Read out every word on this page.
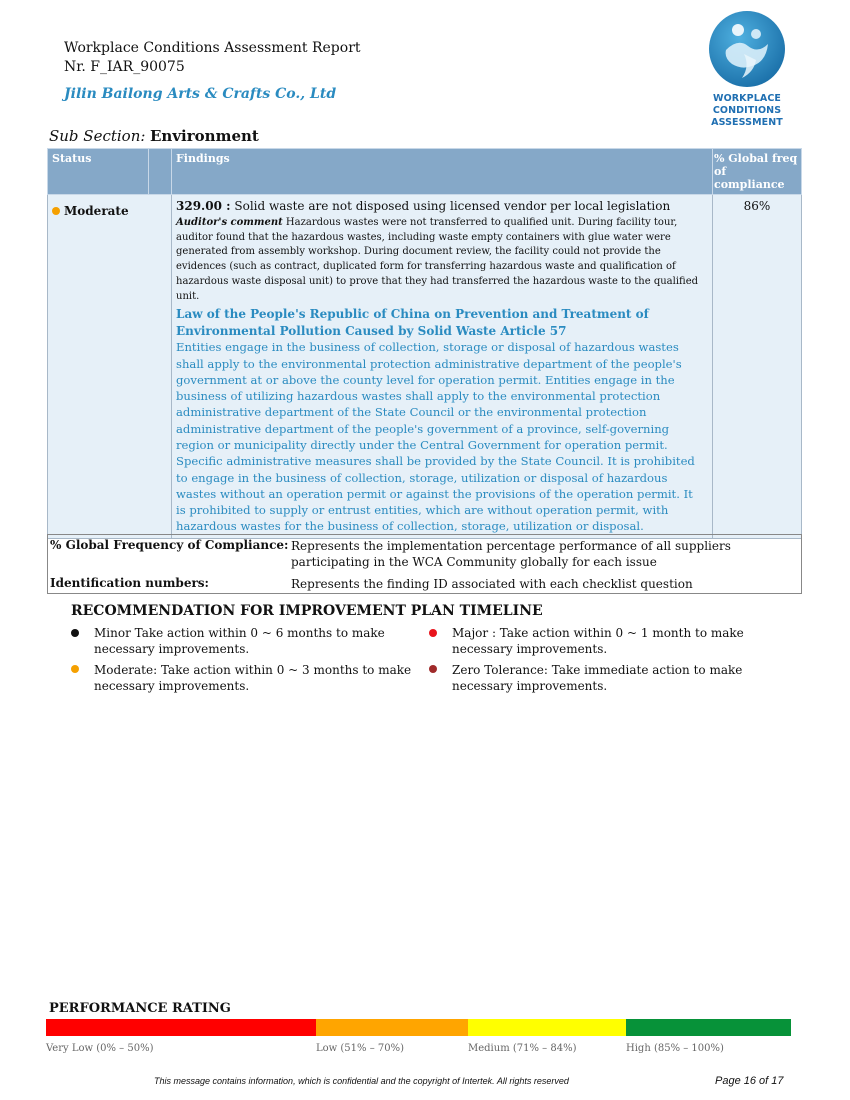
Workplace Conditions Assessment Report
Nr. F_IAR_90075
Jilin Bailong Arts & Crafts Co., Ltd	WORKPLACE
CONDITIONS
ASSESSMENT
Sub Section: Environment
Status		Findings	% Global freq of compliance
Moderate		329.00 : Solid waste are not disposed using licensed vendor per local legislation
Auditor's comment Hazardous wastes were not transferred to qualified unit. During facility tour, auditor found that the hazardous wastes, including waste empty containers with glue water were generated from assembly workshop. During document review, the facility could not provide the evidences (such as contract, duplicated form for transferring hazardous waste and qualification of hazardous waste disposal unit) to prove that they had transferred the hazardous waste to the qualified unit.
Law of the People's Republic of China on Prevention and Treatment of Environmental Pollution Caused by Solid Waste Article 57
Entities engage in the business of collection, storage or disposal of hazardous wastes shall apply to the environmental protection administrative department of the people's government at or above the county level for operation permit. Entities engage in the business of utilizing hazardous wastes shall apply to the environmental protection administrative department of the State Council or the environmental protection administrative department of the people's government of a province, self-governing region or municipality directly under the Central Government for operation permit. Specific administrative measures shall be provided by the State Council. It is prohibited to engage in the business of collection, storage, utilization or disposal of hazardous wastes without an operation permit or against the provisions of the operation permit. It is prohibited to supply or entrust entities, which are without operation permit, with hazardous wastes for the business of collection, storage, utilization or disposal.	86%
% Global Frequency of Compliance: Represents the implementation percentage performance of all suppliers participating in the WCA Community globally for each issue
Identification numbers:	Represents the finding ID associated with each checklist question
RECOMMENDATION FOR IMPROVEMENT PLAN TIMELINE
Minor Take action within 0 ~ 6 months to make necessary improvements.
Major : Take action within 0 ~ 1 month to make necessary improvements.
Moderate: Take action within 0 ~ 3 months to make necessary improvements.
Zero Tolerance: Take immediate action to make necessary improvements.
PERFORMANCE RATING
Very Low (0% – 50%)	Low (51% – 70%)	Medium (71% – 84%)	High (85% – 100%)
This message contains information, which is confidential and the copyright of Intertek. All rights reserved	Page 16 of 17
